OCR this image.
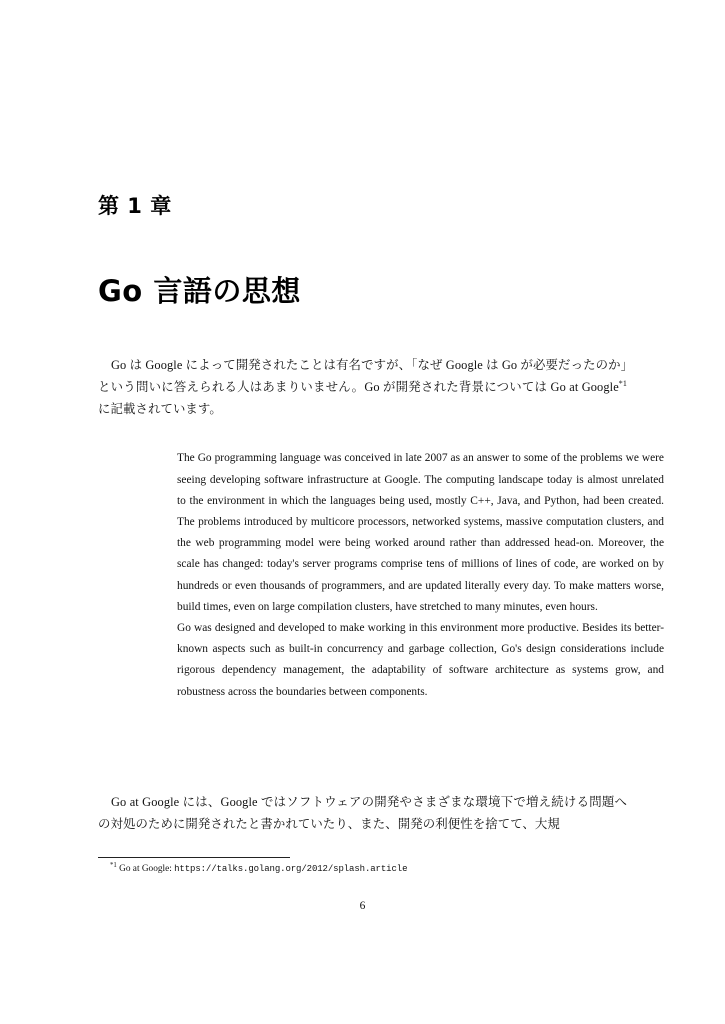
第 1 章
Go 言語の思想
Go は Google によって開発されたことは有名ですが、「なぜ Google は Go が必要だったのか」という問いに答えられる人はあまりいません。Go が開発された背景については Go at Google$^{*1}$に記載されています。

The Go programming language was conceived in late 2007 as an answer to some of the problems we were seeing developing software infrastructure at Google. The computing landscape today is almost unrelated to the environment in which the languages being used, mostly C++, Java, and Python, had been created. The problems introduced by multicore processors, networked systems, massive computation clusters, and the web programming model were being worked around rather than addressed head-on. Moreover, the scale has changed: today's server programs comprise tens of millions of lines of code, are worked on by hundreds or even thousands of programmers, and are updated literally every day. To make matters worse, build times, even on large compilation clusters, have stretched to many minutes, even hours.

Go was designed and developed to make working in this environment more productive. Besides its better-known aspects such as built-in concurrency and garbage collection, Go's design considerations include rigorous dependency management, the adaptability of software architecture as systems grow, and robustness across the boundaries between components.

Go at Google には、Google ではソフトウェアの開発やさまざまな環境下で増え続ける問題への対処のために開発されたと書かれていたり、また、開発の利便性を捨てて、大規
$^{*1}$ Go at Google: https://talks.golang.org/2012/splash.article
6
